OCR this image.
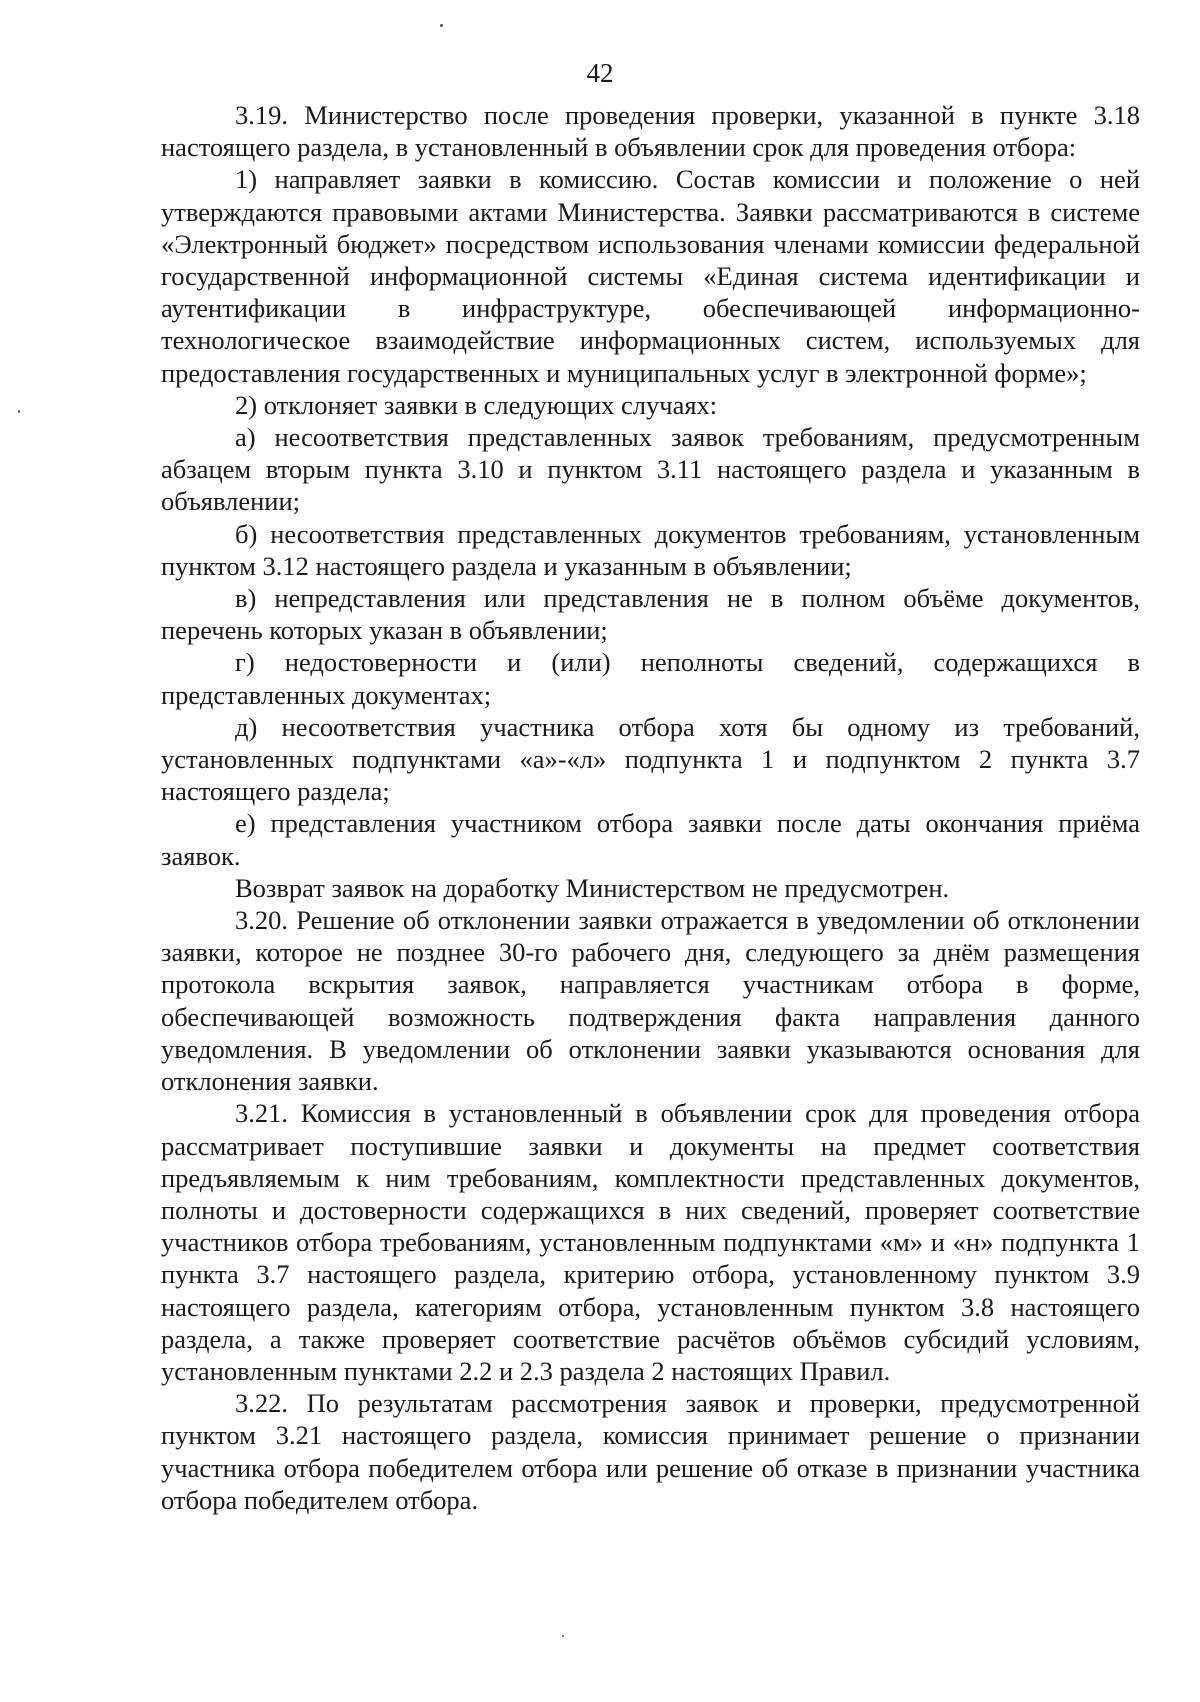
42

3.19. Министерство после проведения проверки, указанной в пункте 3.18 настоящего раздела, в установленный в объявлении срок для проведения отбора:

1) направляет заявки в комиссию. Состав комиссии и положение о ней утверждаются правовыми актами Министерства. Заявки рассматриваются в системе «Электронный бюджет» посредством использования членами комиссии федеральной государственной информационной системы «Единая система идентификации и аутентификации в инфраструктуре, обеспечивающей информационно-технологическое взаимодействие информационных систем, используемых для предоставления государственных и муниципальных услуг в электронной форме»;

2) отклоняет заявки в следующих случаях:

а) несоответствия представленных заявок требованиям, предусмотренным абзацем вторым пункта 3.10 и пунктом 3.11 настоящего раздела и указанным в объявлении;

б) несоответствия представленных документов требованиям, установленным пунктом 3.12 настоящего раздела и указанным в объявлении;

в) непредставления или представления не в полном объёме документов, перечень которых указан в объявлении;

г) недостоверности и (или) неполноты сведений, содержащихся в представленных документах;

д) несоответствия участника отбора хотя бы одному из требований, установленных подпунктами «а»-«л» подпункта 1 и подпунктом 2 пункта 3.7 настоящего раздела;

е) представления участником отбора заявки после даты окончания приёма заявок.

Возврат заявок на доработку Министерством не предусмотрен.

3.20. Решение об отклонении заявки отражается в уведомлении об отклонении заявки, которое не позднее 30-го рабочего дня, следующего за днём размещения протокола вскрытия заявок, направляется участникам отбора в форме, обеспечивающей возможность подтверждения факта направления данного уведомления. В уведомлении об отклонении заявки указываются основания для отклонения заявки.

3.21. Комиссия в установленный в объявлении срок для проведения отбора рассматривает поступившие заявки и документы на предмет соответствия предъявляемым к ним требованиям, комплектности представленных документов, полноты и достоверности содержащихся в них сведений, проверяет соответствие участников отбора требованиям, установленным подпунктами «м» и «н» подпункта 1 пункта 3.7 настоящего раздела, критерию отбора, установленному пунктом 3.9 настоящего раздела, категориям отбора, установленным пунктом 3.8 настоящего раздела, а также проверяет соответствие расчётов объёмов субсидий условиям, установленным пунктами 2.2 и 2.3 раздела 2 настоящих Правил.

3.22. По результатам рассмотрения заявок и проверки, предусмотренной пунктом 3.21 настоящего раздела, комиссия принимает решение о признании участника отбора победителем отбора или решение об отказе в признании участника отбора победителем отбора.
